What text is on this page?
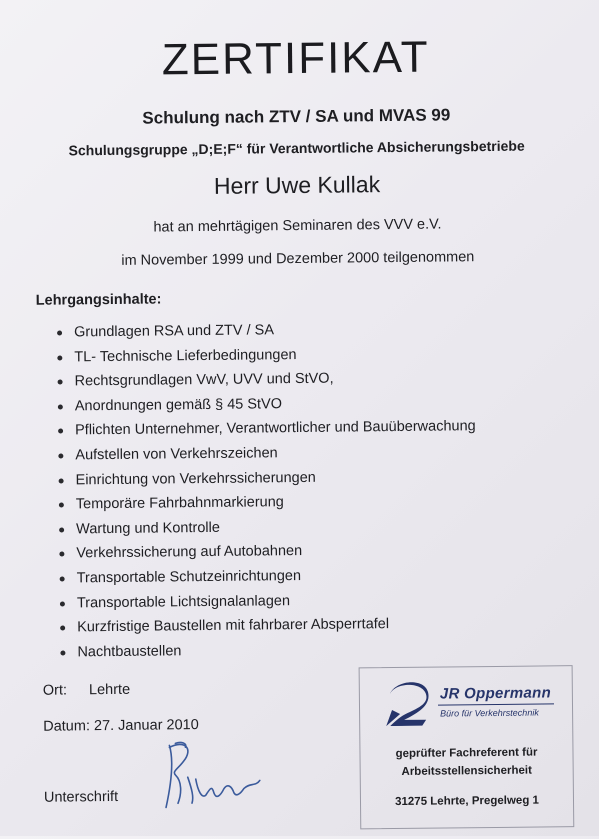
ZERTIFIKAT
Schulung nach ZTV / SA und MVAS 99
Schulungsgruppe „D;E;F“ für Verantwortliche Absicherungsbetriebe
Herr Uwe Kullak
hat an mehrtägigen Seminaren des VVV e.V.
im November 1999 und Dezember 2000 teilgenommen
Lehrgangsinhalte:
Grundlagen RSA und ZTV / SA
TL- Technische Lieferbedingungen
Rechtsgrundlagen VwV, UVV und StVO,
Anordnungen gemäß § 45 StVO
Pflichten Unternehmer, Verantwortlicher und Bauüberwachung
Aufstellen von Verkehrszeichen
Einrichtung von Verkehrssicherungen
Temporäre Fahrbahnmarkierung
Wartung und Kontrolle
Verkehrssicherung auf Autobahnen
Transportable Schutzeinrichtungen
Transportable Lichtsignalanlagen
Kurzfristige Baustellen mit fahrbarer Absperrtafel
Nachtbaustellen
Ort: Lehrte
Datum: 27. Januar 2010
Unterschrift
JR Oppermann
Büro für Verkehrstechnik
geprüfter Fachreferent für
Arbeitsstellensicherheit
31275 Lehrte, Pregelweg 1
